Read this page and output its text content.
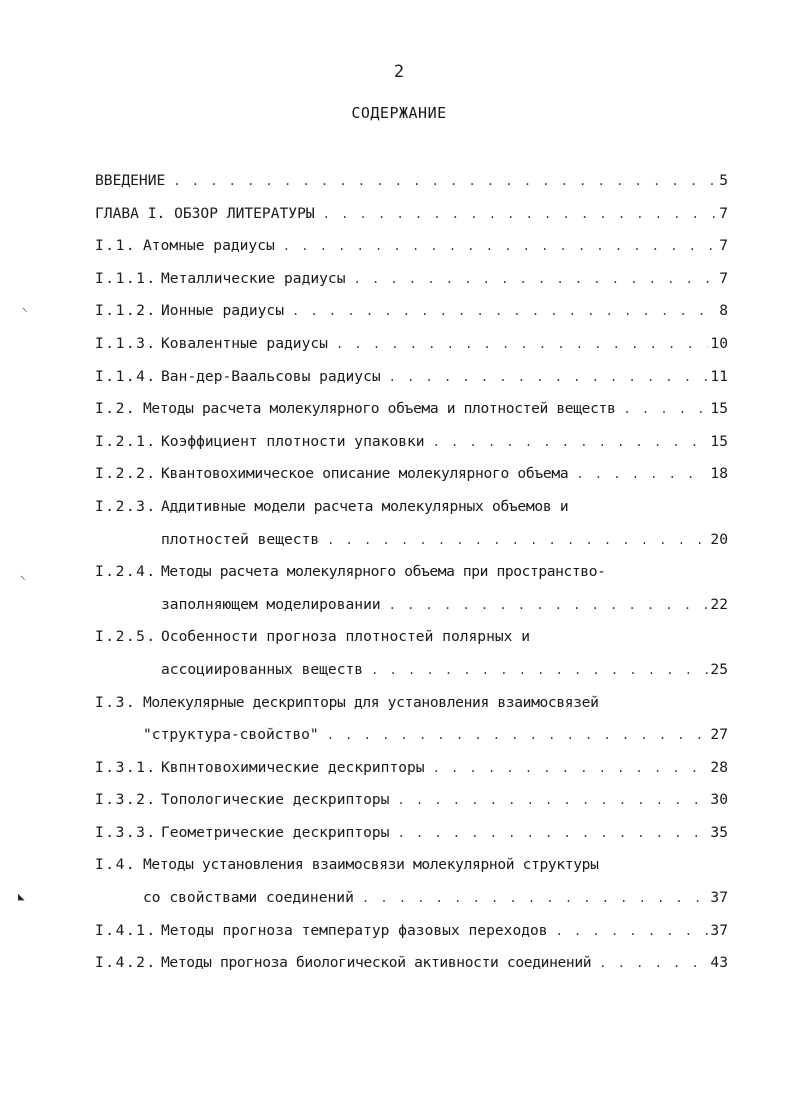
2
СОДЕРЖАНИЕ
ВВЕДЕНИЕ . . .	5
ГЛАВА I. ОБЗОР ЛИТЕРАТУРЫ . . .	7
I.1. Атомные радиусы . . .	7
I.1.1. Металлические радиусы . . .	7
I.1.2. Ионные радиусы . . .	8
I.1.3. Ковалентные радиусы . . .	10
I.1.4. Ван-дер-Ваальсовы радиусы . . .	11
I.2. Методы расчета молекулярного объема и плотностей веществ . . .	15
I.2.1. Коэффициент плотности упаковки . . .	15
I.2.2. Квантовохимическое описание молекулярного объема . . .	18
I.2.3. Аддитивные модели расчета молекулярных объемов и
плотностей веществ . . .	20
I.2.4. Методы расчета молекулярного объема при пространство-
заполняющем моделировании . . .	22
I.2.5. Особенности прогноза плотностей полярных и
ассоциированных веществ . . .	25
I.3. Молекулярные дескрипторы для установления взаимосвязей
"структура-свойство" . . .	27
I.3.1. Квпнтовохимические дескрипторы . . .	28
I.3.2. Топологические дескрипторы . . .	30
I.3.3. Геометрические дескрипторы . . .	35
I.4. Методы установления взаимосвязи молекулярной структуры
со свойствами соединений . . .	37
I.4.1. Методы прогноза температур фазовых переходов . . .	37
I.4.2. Методы прогноза биологической активности соединений . . .	43
⸜
⸜
◣
